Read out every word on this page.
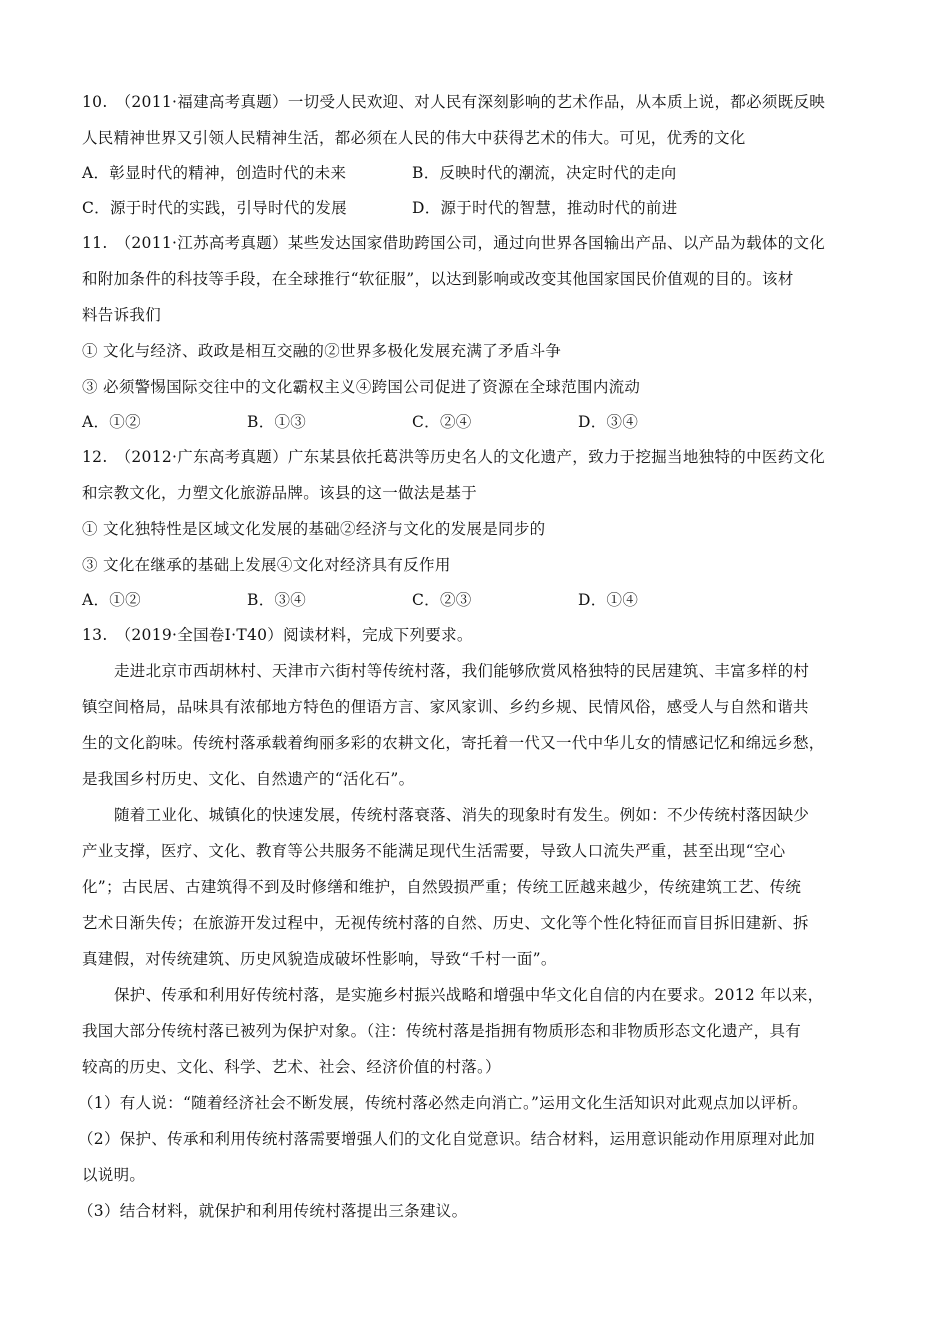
10.　（2011·福建高考真题）一切受人民欢迎、对人民有深刻影响的艺术作品，从本质上说，都必须既反映
人民精神世界又引领人民精神生活，都必须在人民的伟大中获得艺术的伟大。可见，优秀的文化
A．彰显时代的精神，创造时代的未来	B．反映时代的潮流，决定时代的走向
C．源于时代的实践，引导时代的发展	D．源于时代的智慧，推动时代的前进
11.　（2011·江苏高考真题）某些发达国家借助跨国公司，通过向世界各国输出产品、以产品为载体的文化
和附加条件的科技等手段，在全球推行“软征服”，以达到影响或改变其他国家国民价值观的目的。该材
料告诉我们
① 文化与经济、政政是相互交融的②世界多极化发展充满了矛盾斗争
③ 必须警惕国际交往中的文化霸权主义④跨国公司促进了资源在全球范围内流动
A．①②	B．①③	C．②④	D．③④
12.　（2012·广东高考真题）广东某县依托葛洪等历史名人的文化遗产，致力于挖掘当地独特的中医药文化
和宗教文化，力塑文化旅游品牌。该县的这一做法是基于
① 文化独特性是区域文化发展的基础②经济与文化的发展是同步的
③ 文化在继承的基础上发展④文化对经济具有反作用
A．①②	B．③④	C．②③	D．①④
13.　（2019·全国卷Ⅰ·T40）阅读材料，完成下列要求。
走进北京市西胡林村、天津市六街村等传统村落，我们能够欣赏风格独特的民居建筑、丰富多样的村
镇空间格局，品味具有浓郁地方特色的俚语方言、家风家训、乡约乡规、民情风俗，感受人与自然和谐共
生的文化韵味。传统村落承载着绚丽多彩的农耕文化，寄托着一代又一代中华儿女的情感记忆和绵远乡愁，
是我国乡村历史、文化、自然遗产的“活化石”。
随着工业化、城镇化的快速发展，传统村落衰落、消失的现象时有发生。例如：不少传统村落因缺少
产业支撑，医疗、文化、教育等公共服务不能满足现代生活需要，导致人口流失严重，甚至出现“空心
化”；古民居、古建筑得不到及时修缮和维护，自然毁损严重；传统工匠越来越少，传统建筑工艺、传统
艺术日渐失传；在旅游开发过程中，无视传统村落的自然、历史、文化等个性化特征而盲目拆旧建新、拆
真建假，对传统建筑、历史风貌造成破坏性影响，导致“千村一面”。
保护、传承和利用好传统村落，是实施乡村振兴战略和增强中华文化自信的内在要求。2012 年以来，
我国大部分传统村落已被列为保护对象。（注：传统村落是指拥有物质形态和非物质形态文化遗产，具有
较高的历史、文化、科学、艺术、社会、经济价值的村落。）
（1）有人说：“随着经济社会不断发展，传统村落必然走向消亡。”运用文化生活知识对此观点加以评析。
（2）保护、传承和利用传统村落需要增强人们的文化自觉意识。结合材料，运用意识能动作用原理对此加
以说明。
（3）结合材料，就保护和利用传统村落提出三条建议。
